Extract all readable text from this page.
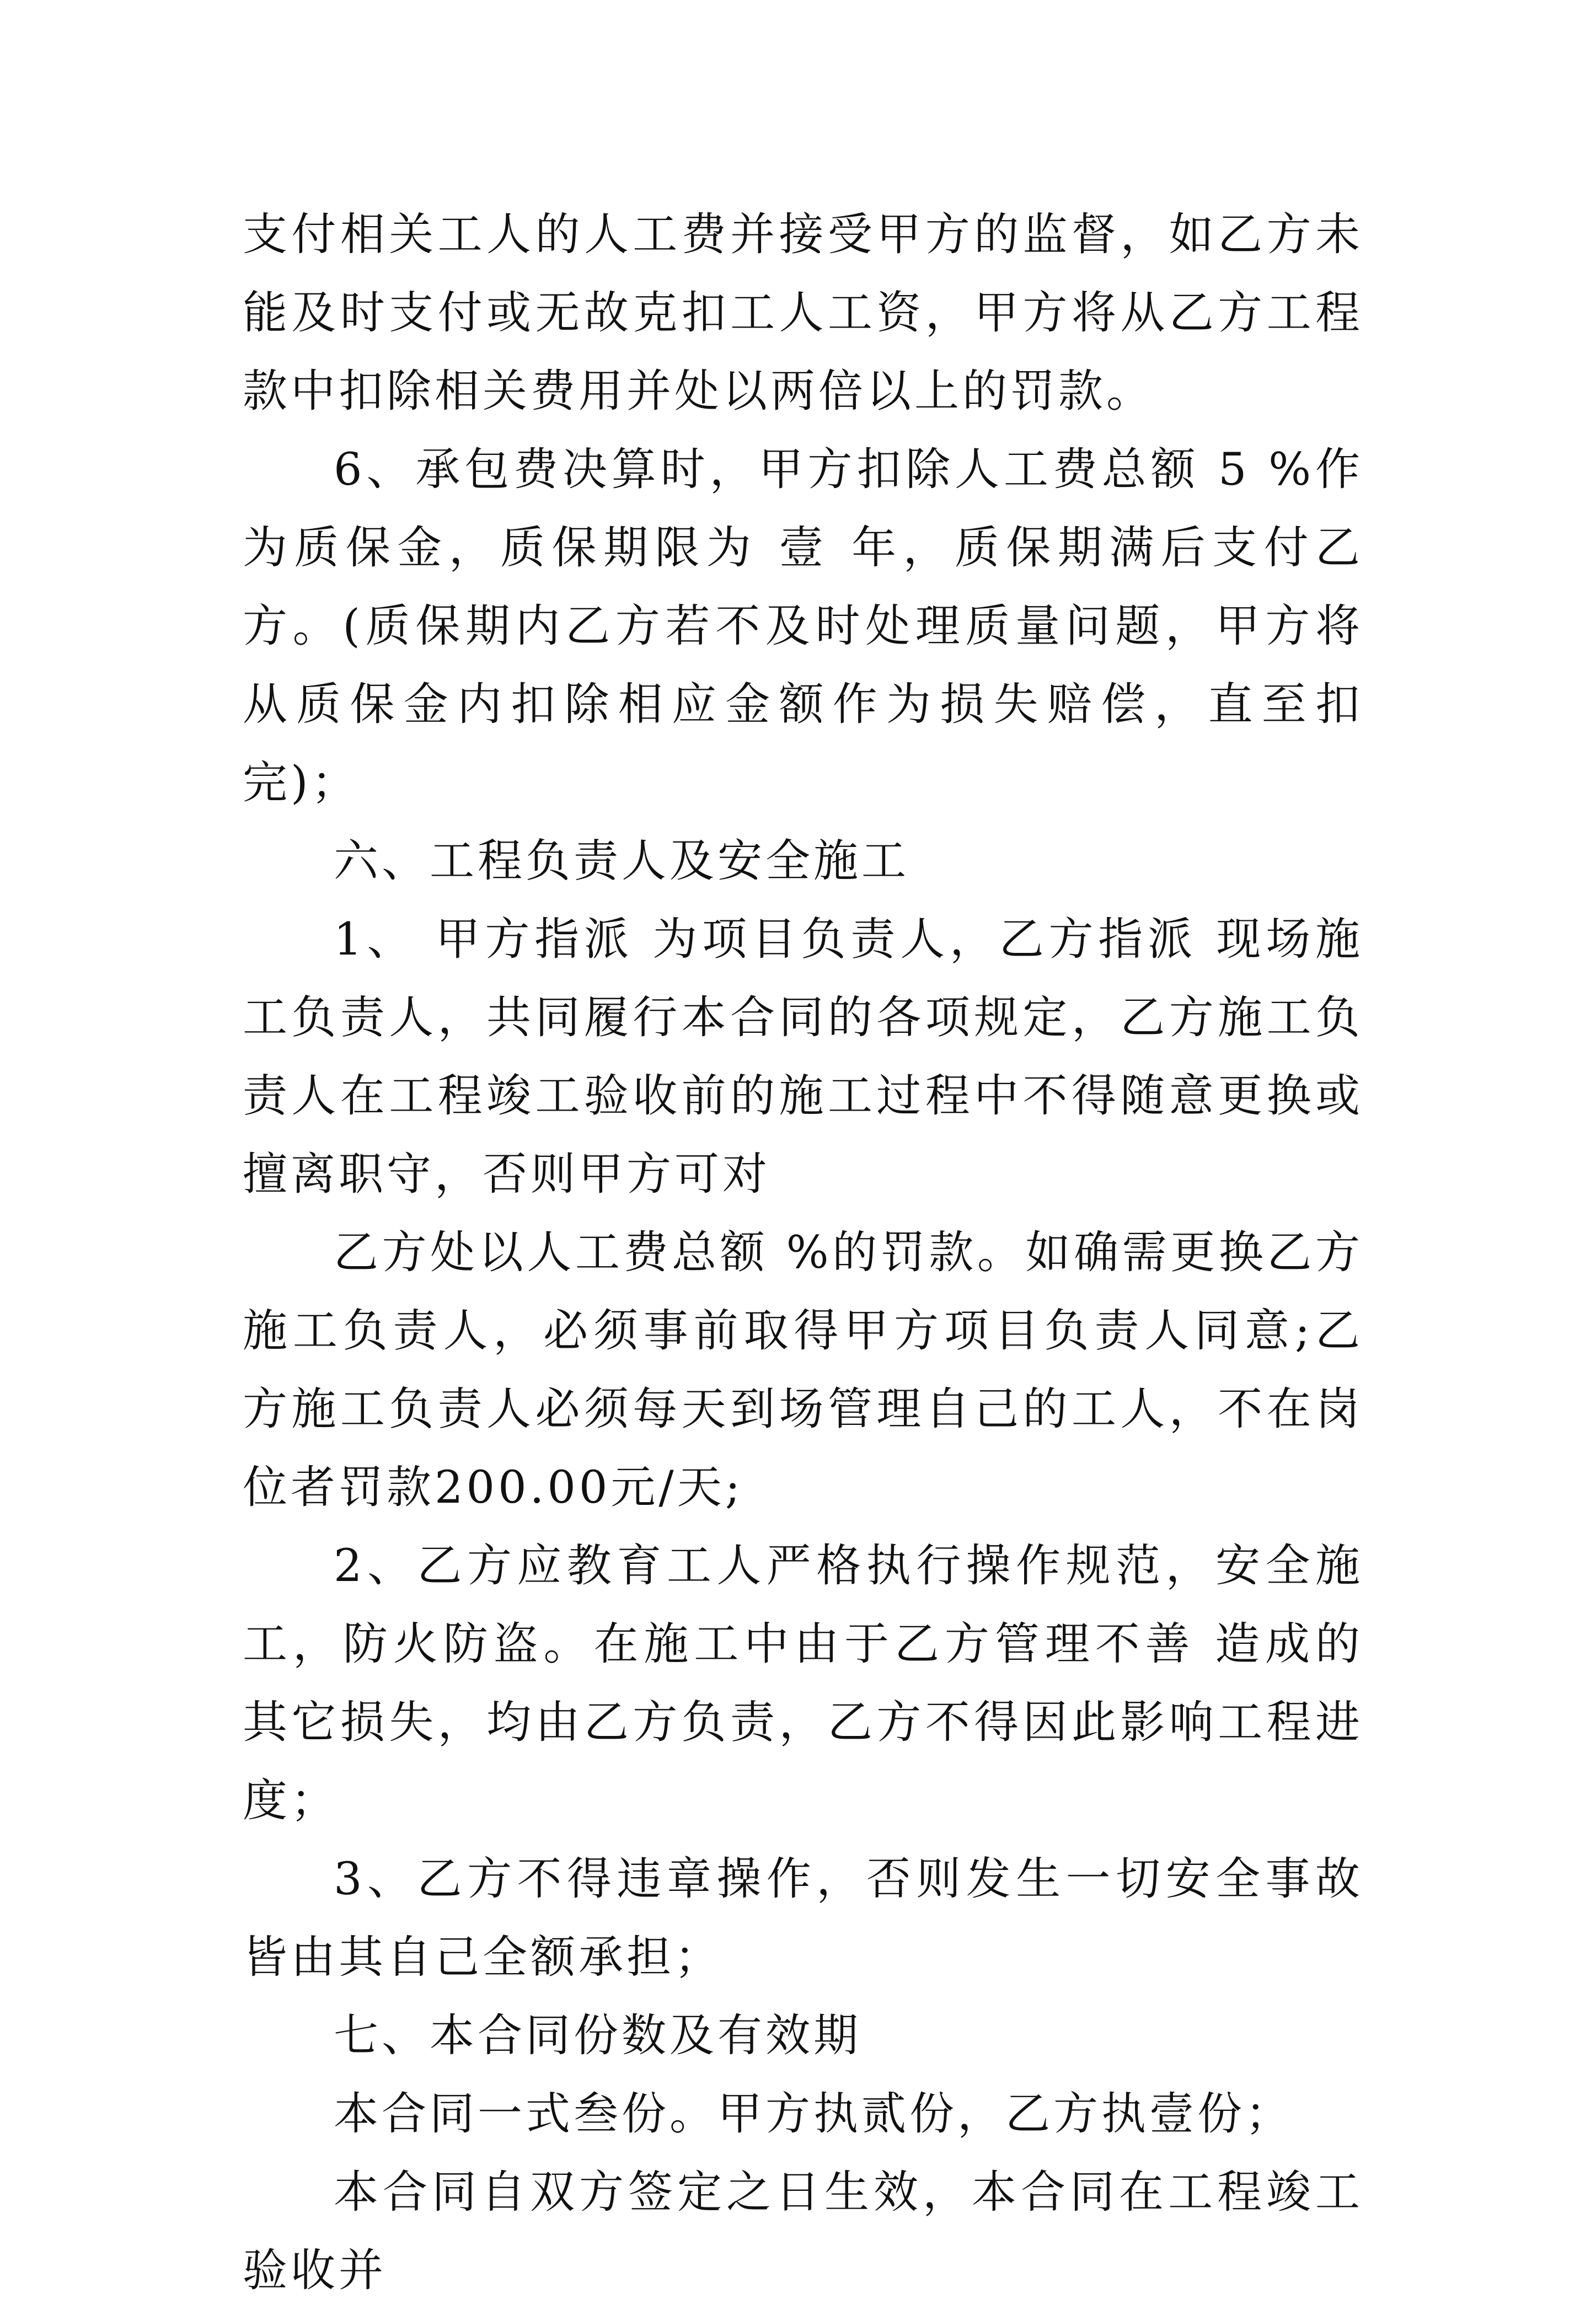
支付相关工人的人工费并接受甲方的监督，如乙方未能及时支付或无故克扣工人工资，甲方将从乙方工程款中扣除相关费用并处以两倍以上的罚款。

6、承包费决算时，甲方扣除人工费总额 5 %作为质保金，质保期限为 壹 年，质保期满后支付乙方。(质保期内乙方若不及时处理质量问题，甲方将从质保金内扣除相应金额作为损失赔偿，直至扣完)；

六、工程负责人及安全施工

1、 甲方指派 为项目负责人，乙方指派 现场施工负责人，共同履行本合同的各项规定，乙方施工负责人在工程竣工验收前的施工过程中不得随意更换或擅离职守，否则甲方可对

乙方处以人工费总额 %的罚款。如确需更换乙方施工负责人，必须事前取得甲方项目负责人同意;乙方施工负责人必须每天到场管理自己的工人，不在岗位者罚款200.00元/天;

2、乙方应教育工人严格执行操作规范，安全施工，防火防盗。在施工中由于乙方管理不善 造成的其它损失，均由乙方负责，乙方不得因此影响工程进度；

3、乙方不得违章操作，否则发生一切安全事故皆由其自己全额承担；

七、本合同份数及有效期

本合同一式叁份。甲方执贰份，乙方执壹份；

本合同自双方签定之日生效，本合同在工程竣工验收并
